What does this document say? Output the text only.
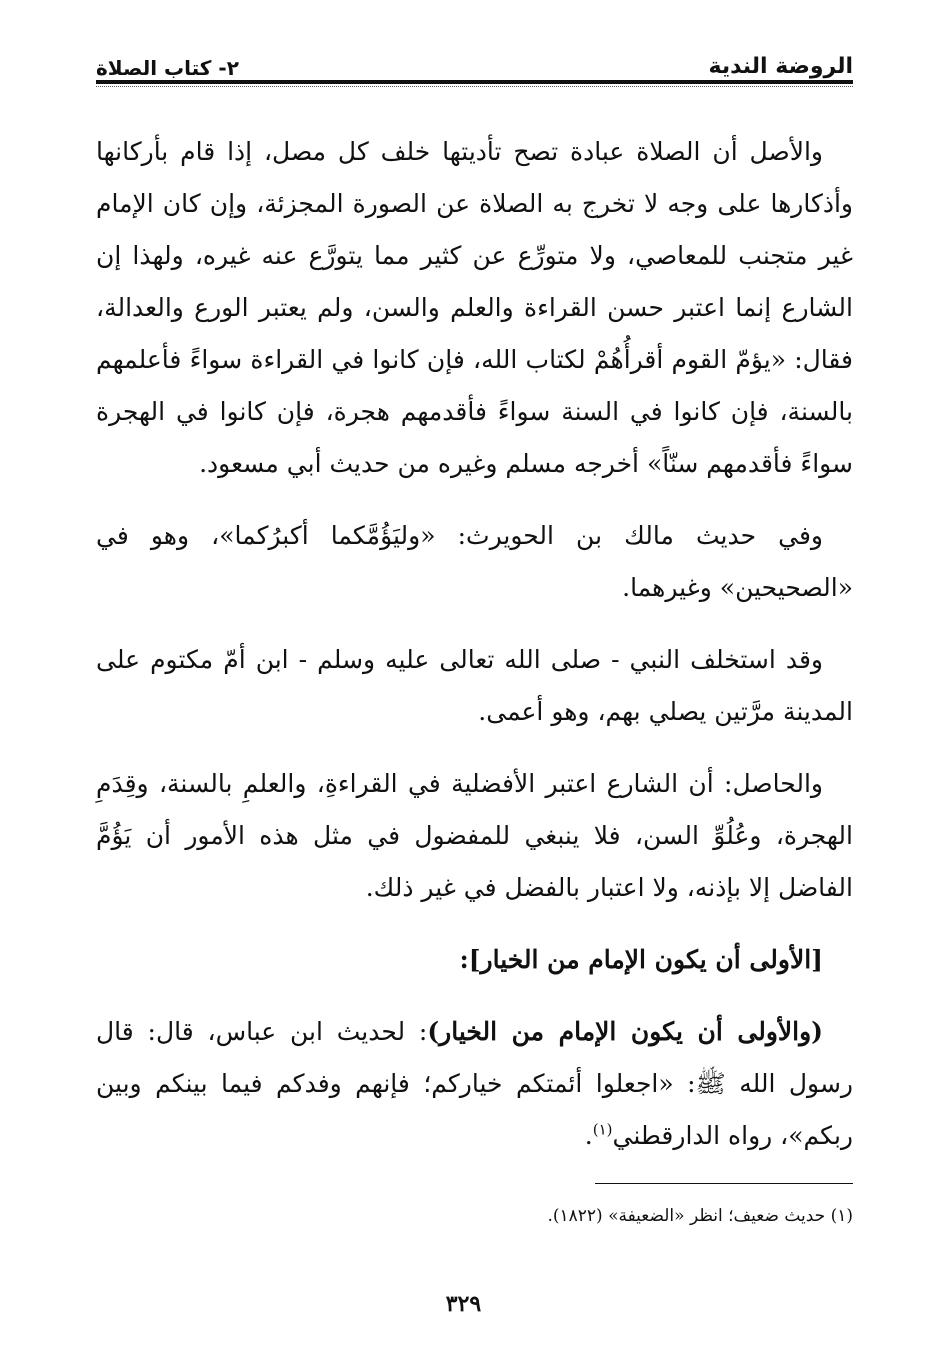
الروضة الندية
٢- كتاب الصلاة

والأصل أن الصلاة عبادة تصح تأديتها خلف كل مصل، إذا قام بأركانها وأذكارها على وجه لا تخرج به الصلاة عن الصورة المجزئة، وإن كان الإمام غير متجنب للمعاصي، ولا متورِّع عن كثير مما يتورَّع عنه غيره، ولهذا إن الشارع إنما اعتبر حسن القراءة والعلم والسن، ولم يعتبر الورع والعدالة، فقال: «يؤمّ القوم أقرأُهُمْ لكتاب الله، فإن كانوا في القراءة سواءً فأعلمهم بالسنة، فإن كانوا في السنة سواءً فأقدمهم هجرة، فإن كانوا في الهجرة سواءً فأقدمهم سنّاً» أخرجه مسلم وغيره من حديث أبي مسعود.

وفي حديث مالك بن الحويرث: «وليَؤُمَّكما أكبرُكما»، وهو في «الصحيحين» وغيرهما.

وقد استخلف النبي - صلى الله تعالى عليه وسلم - ابن أمّ مكتوم على المدينة مرَّتين يصلي بهم، وهو أعمى.

والحاصل: أن الشارع اعتبر الأفضلية في القراءةِ، والعلمِ بالسنة، وقِدَمِ الهجرة، وعُلُوِّ السن، فلا ينبغي للمفضول في مثل هذه الأمور أن يَؤُمَّ الفاضل إلا بإذنه، ولا اعتبار بالفضل في غير ذلك.

[الأولى أن يكون الإمام من الخيار]:

(والأولى أن يكون الإمام من الخيار): لحديث ابن عباس، قال: قال رسول الله ﷺ: «اجعلوا أئمتكم خياركم؛ فإنهم وفدكم فيما بينكم وبين ربكم»، رواه الدارقطني$^{(١)}$.

(١) حديث ضعيف؛ انظر «الضعيفة» (١٨٢٢).
٣٢٩
